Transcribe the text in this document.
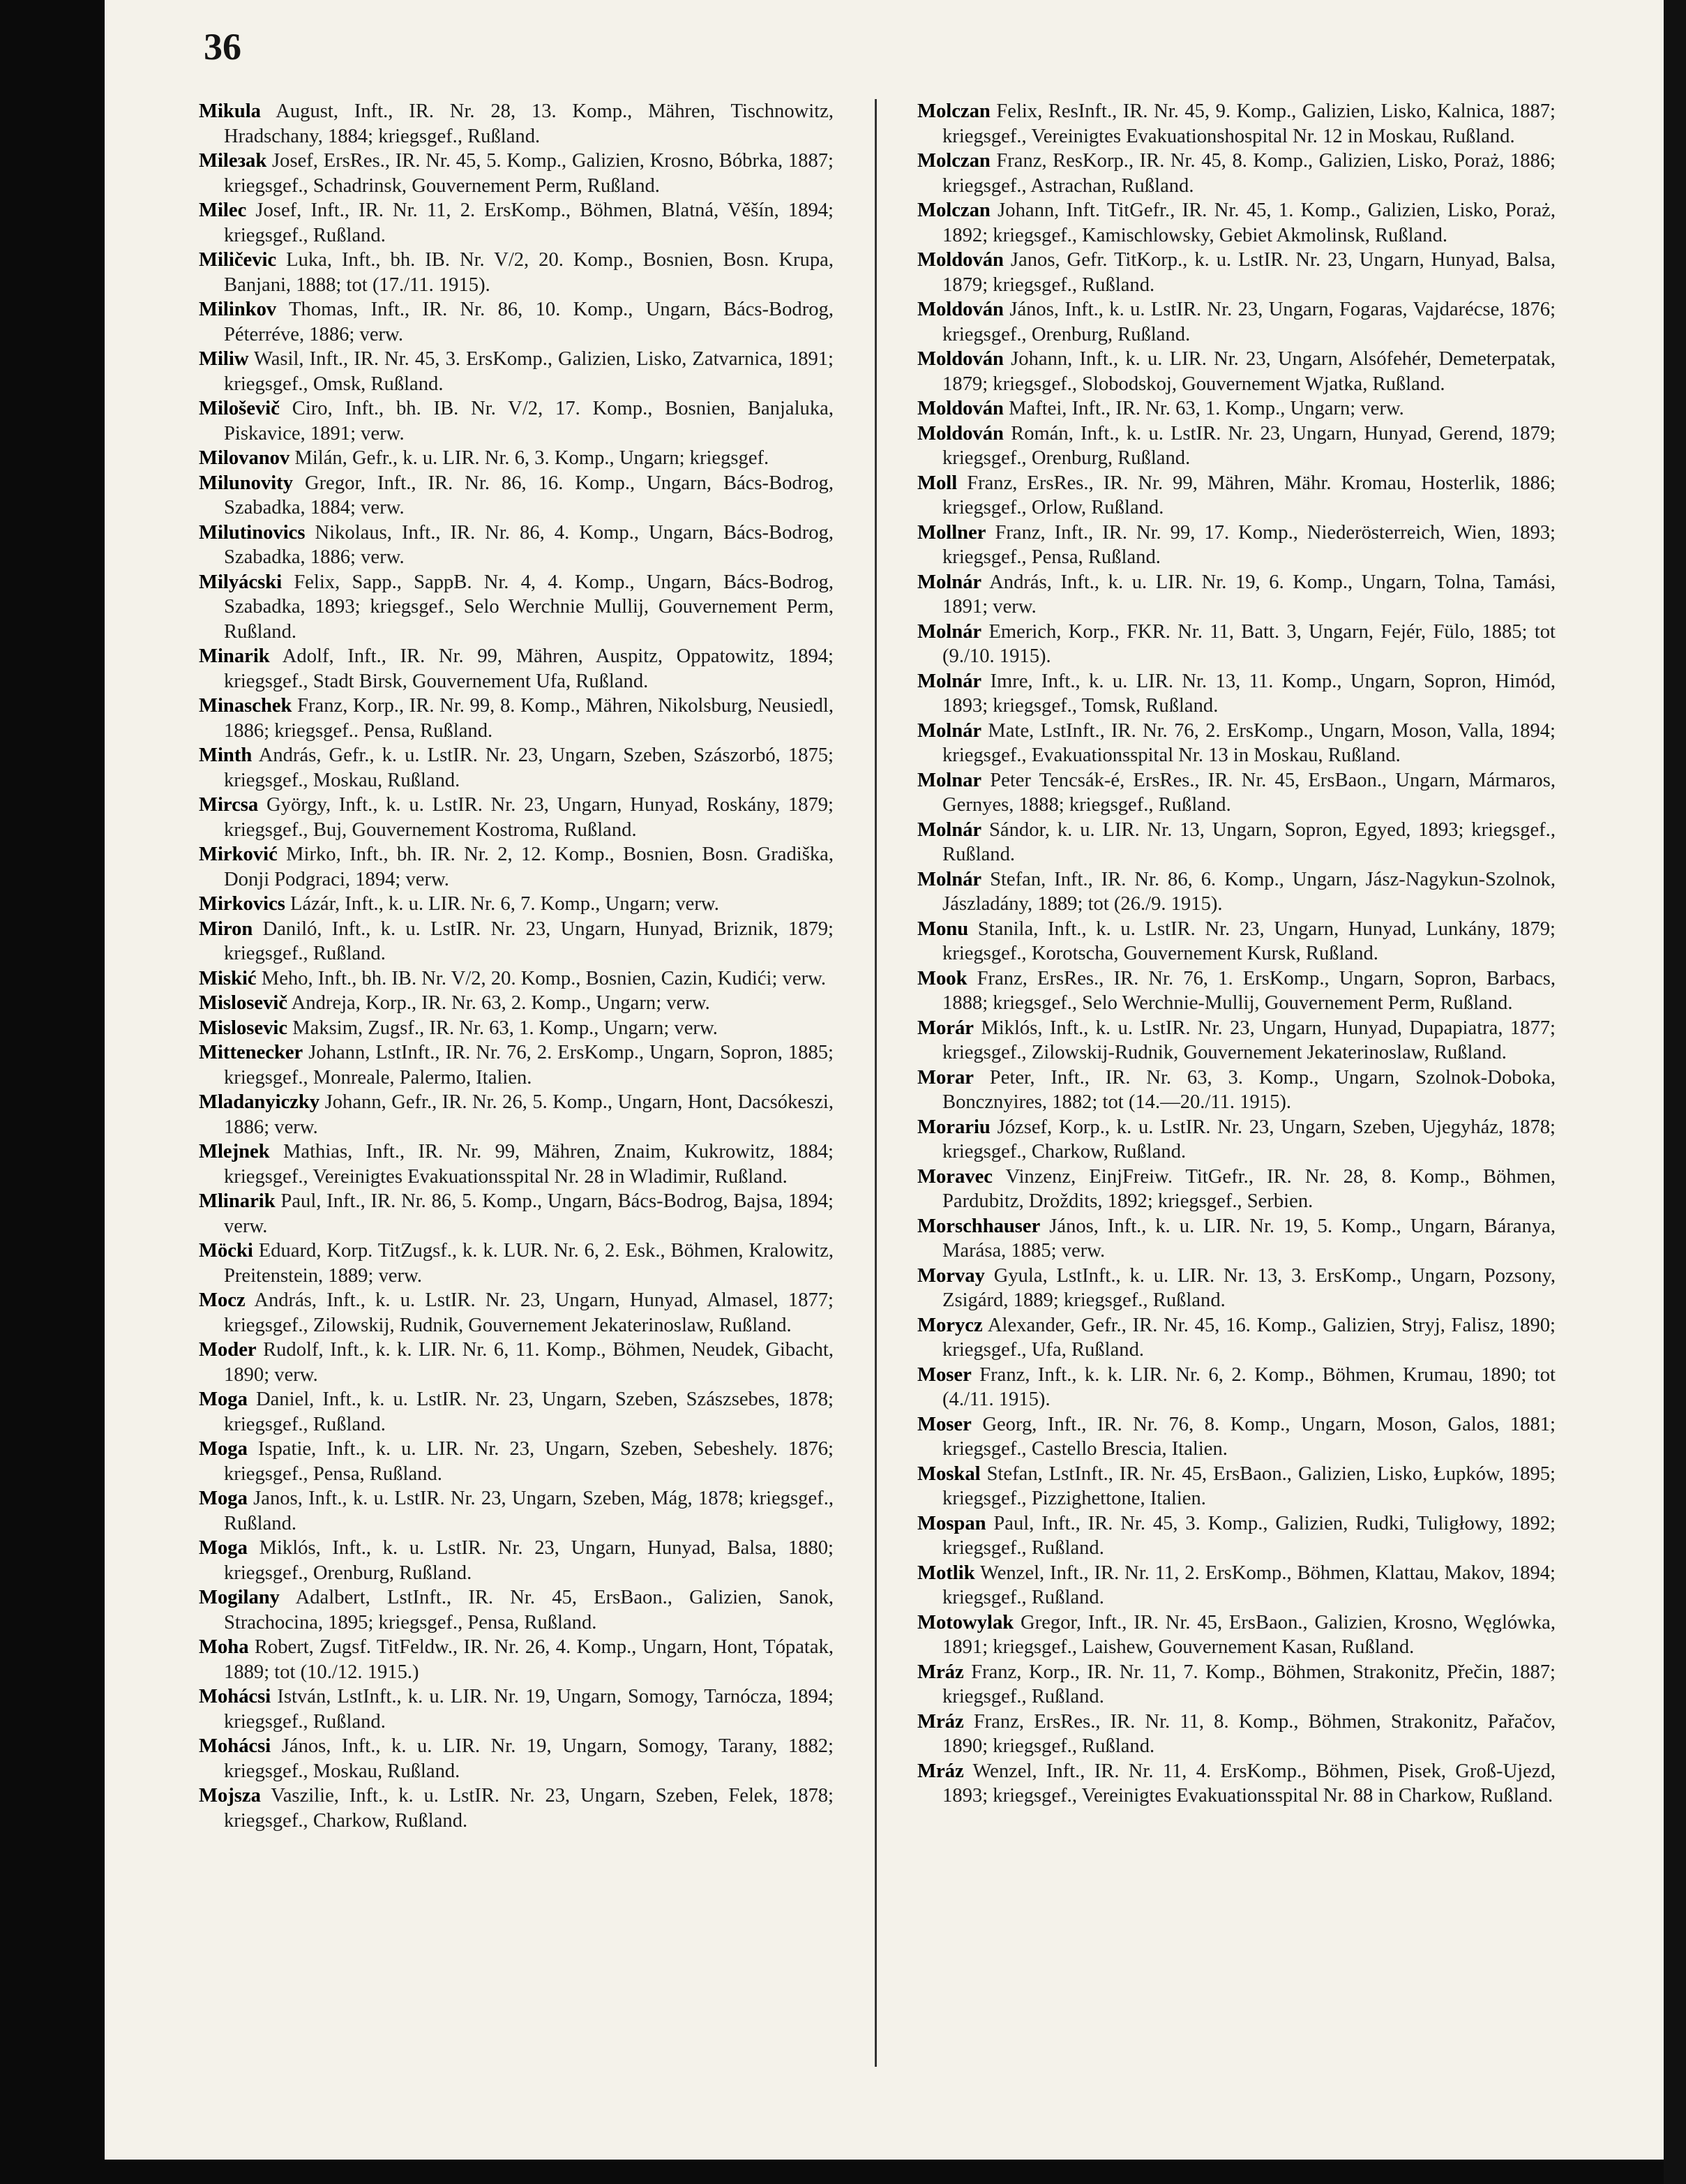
36
Mikula August, Inft., IR. Nr. 28, 13. Komp., Mähren, Tischnowitz, Hradschany, 1884; kriegsgef., Rußland.
Mileзak Josef, ErsRes., IR. Nr. 45, 5. Komp., Galizien, Krosno, Bóbrka, 1887; kriegsgef., Schadrinsk, Gouvernement Perm, Rußland.
Milec Josef, Inft., IR. Nr. 11, 2. ErsKomp., Böhmen, Blatná, Věšín, 1894; kriegsgef., Rußland.
Miličevic Luka, Inft., bh. IB. Nr. V/2, 20. Komp., Bosnien, Bosn. Krupa, Banjani, 1888; tot (17./11. 1915).
Milinkov Thomas, Inft., IR. Nr. 86, 10. Komp., Ungarn, Bács-Bodrog, Péterréve, 1886; verw.
Miliw Wasil, Inft., IR. Nr. 45, 3. ErsKomp., Galizien, Lisko, Zatvarnica, 1891; kriegsgef., Omsk, Rußland.
Miloševič Ciro, Inft., bh. IB. Nr. V/2, 17. Komp., Bosnien, Banjaluka, Piskavice, 1891; verw.
Milovanov Milán, Gefr., k. u. LIR. Nr. 6, 3. Komp., Ungarn; kriegsgef.
Milunovity Gregor, Inft., IR. Nr. 86, 16. Komp., Ungarn, Bács-Bodrog, Szabadka, 1884; verw.
Milutinovics Nikolaus, Inft., IR. Nr. 86, 4. Komp., Ungarn, Bács-Bodrog, Szabadka, 1886; verw.
Milyácski Felix, Sapp., SappB. Nr. 4, 4. Komp., Ungarn, Bács-Bodrog, Szabadka, 1893; kriegsgef., Selo Werchnie Mullij, Gouvernement Perm, Rußland.
Minarik Adolf, Inft., IR. Nr. 99, Mähren, Auspitz, Oppatowitz, 1894; kriegsgef., Stadt Birsk, Gouvernement Ufa, Rußland.
Minaschek Franz, Korp., IR. Nr. 99, 8. Komp., Mähren, Nikolsburg, Neusiedl, 1886; kriegsgef.. Pensa, Rußland.
Minth András, Gefr., k. u. LstIR. Nr. 23, Ungarn, Szeben, Szászorbó, 1875; kriegsgef., Moskau, Rußland.
Mircsa György, Inft., k. u. LstIR. Nr. 23, Ungarn, Hunyad, Roskány, 1879; kriegsgef., Buj, Gouvernement Kostroma, Rußland.
Mirković Mirko, Inft., bh. IR. Nr. 2, 12. Komp., Bosnien, Bosn. Gradiška, Donji Podgraci, 1894; verw.
Mirkovics Lázár, Inft., k. u. LIR. Nr. 6, 7. Komp., Ungarn; verw.
Miron Daniló, Inft., k. u. LstIR. Nr. 23, Ungarn, Hunyad, Briznik, 1879; kriegsgef., Rußland.
Miskić Meho, Inft., bh. IB. Nr. V/2, 20. Komp., Bosnien, Cazin, Kudići; verw.
Mislosevič Andreja, Korp., IR. Nr. 63, 2. Komp., Ungarn; verw.
Mislosevic Maksim, Zugsf., IR. Nr. 63, 1. Komp., Ungarn; verw.
Mittenecker Johann, LstInft., IR. Nr. 76, 2. ErsKomp., Ungarn, Sopron, 1885; kriegsgef., Monreale, Palermo, Italien.
Mladanyiczky Johann, Gefr., IR. Nr. 26, 5. Komp., Ungarn, Hont, Dacsókeszi, 1886; verw.
Mlejnek Mathias, Inft., IR. Nr. 99, Mähren, Znaim, Kukrowitz, 1884; kriegsgef., Vereinigtes Evakuationsspital Nr. 28 in Wladimir, Rußland.
Mlinarik Paul, Inft., IR. Nr. 86, 5. Komp., Ungarn, Bács-Bodrog, Bajsa, 1894; verw.
Möcki Eduard, Korp. TitZugsf., k. k. LUR. Nr. 6, 2. Esk., Böhmen, Kralowitz, Preitenstein, 1889; verw.
Mocz András, Inft., k. u. LstIR. Nr. 23, Ungarn, Hunyad, Almasel, 1877; kriegsgef., Zilowskij, Rudnik, Gouvernement Jekaterinoslaw, Rußland.
Moder Rudolf, Inft., k. k. LIR. Nr. 6, 11. Komp., Böhmen, Neudek, Gibacht, 1890; verw.
Moga Daniel, Inft., k. u. LstIR. Nr. 23, Ungarn, Szeben, Szászsebes, 1878; kriegsgef., Rußland.
Moga Ispatie, Inft., k. u. LIR. Nr. 23, Ungarn, Szeben, Sebeshely. 1876; kriegsgef., Pensa, Rußland.
Moga Janos, Inft., k. u. LstIR. Nr. 23, Ungarn, Szeben, Mág, 1878; kriegsgef., Rußland.
Moga Miklós, Inft., k. u. LstIR. Nr. 23, Ungarn, Hunyad, Balsa, 1880; kriegsgef., Orenburg, Rußland.
Mogilany Adalbert, LstInft., IR. Nr. 45, ErsBaon., Galizien, Sanok, Strachocina, 1895; kriegsgef., Pensa, Rußland.
Moha Robert, Zugsf. TitFeldw., IR. Nr. 26, 4. Komp., Ungarn, Hont, Tópatak, 1889; tot (10./12. 1915.)
Mohácsi István, LstInft., k. u. LIR. Nr. 19, Ungarn, Somogy, Tarnócza, 1894; kriegsgef., Rußland.
Mohácsi János, Inft., k. u. LIR. Nr. 19, Ungarn, Somogy, Tarany, 1882; kriegsgef., Moskau, Rußland.
Mojsza Vaszilie, Inft., k. u. LstIR. Nr. 23, Ungarn, Szeben, Felek, 1878; kriegsgef., Charkow, Rußland.
Molczan Felix, ResInft., IR. Nr. 45, 9. Komp., Galizien, Lisko, Kalnica, 1887; kriegsgef., Vereinigtes Evakuationshospital Nr. 12 in Moskau, Rußland.
Molczan Franz, ResKorp., IR. Nr. 45, 8. Komp., Galizien, Lisko, Poraż, 1886; kriegsgef., Astrachan, Rußland.
Molczan Johann, Inft. TitGefr., IR. Nr. 45, 1. Komp., Galizien, Lisko, Poraż, 1892; kriegsgef., Kamischlowsky, Gebiet Akmolinsk, Rußland.
Moldován Janos, Gefr. TitKorp., k. u. LstIR. Nr. 23, Ungarn, Hunyad, Balsa, 1879; kriegsgef., Rußland.
Moldován János, Inft., k. u. LstIR. Nr. 23, Ungarn, Fogaras, Vajdarécse, 1876; kriegsgef., Orenburg, Rußland.
Moldován Johann, Inft., k. u. LIR. Nr. 23, Ungarn, Alsófehér, Demeterpatak, 1879; kriegsgef., Slobodskoj, Gouvernement Wjatka, Rußland.
Moldován Maftei, Inft., IR. Nr. 63, 1. Komp., Ungarn; verw.
Moldován Román, Inft., k. u. LstIR. Nr. 23, Ungarn, Hunyad, Gerend, 1879; kriegsgef., Orenburg, Rußland.
Moll Franz, ErsRes., IR. Nr. 99, Mähren, Mähr. Kromau, Hosterlik, 1886; kriegsgef., Orlow, Rußland.
Mollner Franz, Inft., IR. Nr. 99, 17. Komp., Niederösterreich, Wien, 1893; kriegsgef., Pensa, Rußland.
Molnár András, Inft., k. u. LIR. Nr. 19, 6. Komp., Ungarn, Tolna, Tamási, 1891; verw.
Molnár Emerich, Korp., FKR. Nr. 11, Batt. 3, Ungarn, Fejér, Fülo, 1885; tot (9./10. 1915).
Molnár Imre, Inft., k. u. LIR. Nr. 13, 11. Komp., Ungarn, Sopron, Himód, 1893; kriegsgef., Tomsk, Rußland.
Molnár Mate, LstInft., IR. Nr. 76, 2. ErsKomp., Ungarn, Moson, Valla, 1894; kriegsgef., Evakuationsspital Nr. 13 in Moskau, Rußland.
Molnar Peter Tencsák-é, ErsRes., IR. Nr. 45, ErsBaon., Ungarn, Mármaros, Gernyes, 1888; kriegsgef., Rußland.
Molnár Sándor, k. u. LIR. Nr. 13, Ungarn, Sopron, Egyed, 1893; kriegsgef., Rußland.
Molnár Stefan, Inft., IR. Nr. 86, 6. Komp., Ungarn, Jász-Nagykun-Szolnok, Jászladány, 1889; tot (26./9. 1915).
Monu Stanila, Inft., k. u. LstIR. Nr. 23, Ungarn, Hunyad, Lunkány, 1879; kriegsgef., Korotscha, Gouvernement Kursk, Rußland.
Mook Franz, ErsRes., IR. Nr. 76, 1. ErsKomp., Ungarn, Sopron, Barbacs, 1888; kriegsgef., Selo Werchnie-Mullij, Gouvernement Perm, Rußland.
Morár Miklós, Inft., k. u. LstIR. Nr. 23, Ungarn, Hunyad, Dupapiatra, 1877; kriegsgef., Zilowskij-Rudnik, Gouvernement Jekaterinoslaw, Rußland.
Morar Peter, Inft., IR. Nr. 63, 3. Komp., Ungarn, Szolnok-Doboka, Boncznyires, 1882; tot (14.—20./11. 1915).
Morariu József, Korp., k. u. LstIR. Nr. 23, Ungarn, Szeben, Ujegyház, 1878; kriegsgef., Charkow, Rußland.
Moravec Vinzenz, EinjFreiw. TitGefr., IR. Nr. 28, 8. Komp., Böhmen, Pardubitz, Droždits, 1892; kriegsgef., Serbien.
Morschhauser János, Inft., k. u. LIR. Nr. 19, 5. Komp., Ungarn, Báranya, Marása, 1885; verw.
Morvay Gyula, LstInft., k. u. LIR. Nr. 13, 3. ErsKomp., Ungarn, Pozsony, Zsigárd, 1889; kriegsgef., Rußland.
Morycz Alexander, Gefr., IR. Nr. 45, 16. Komp., Galizien, Stryj, Falisz, 1890; kriegsgef., Ufa, Rußland.
Moser Franz, Inft., k. k. LIR. Nr. 6, 2. Komp., Böhmen, Krumau, 1890; tot (4./11. 1915).
Moser Georg, Inft., IR. Nr. 76, 8. Komp., Ungarn, Moson, Galos, 1881; kriegsgef., Castello Brescia, Italien.
Moskal Stefan, LstInft., IR. Nr. 45, ErsBaon., Galizien, Lisko, Łupków, 1895; kriegsgef., Pizzighettone, Italien.
Mospan Paul, Inft., IR. Nr. 45, 3. Komp., Galizien, Rudki, Tuligłowy, 1892; kriegsgef., Rußland.
Motlik Wenzel, Inft., IR. Nr. 11, 2. ErsKomp., Böhmen, Klattau, Makov, 1894; kriegsgef., Rußland.
Motowylak Gregor, Inft., IR. Nr. 45, ErsBaon., Galizien, Krosno, Węglówka, 1891; kriegsgef., Laishew, Gouvernement Kasan, Rußland.
Mráz Franz, Korp., IR. Nr. 11, 7. Komp., Böhmen, Strakonitz, Přečin, 1887; kriegsgef., Rußland.
Mráz Franz, ErsRes., IR. Nr. 11, 8. Komp., Böhmen, Strakonitz, Pařačov, 1890; kriegsgef., Rußland.
Mráz Wenzel, Inft., IR. Nr. 11, 4. ErsKomp., Böhmen, Pisek, Groß-Ujezd, 1893; kriegsgef., Vereinigtes Evakuationsspital Nr. 88 in Charkow, Rußland.
